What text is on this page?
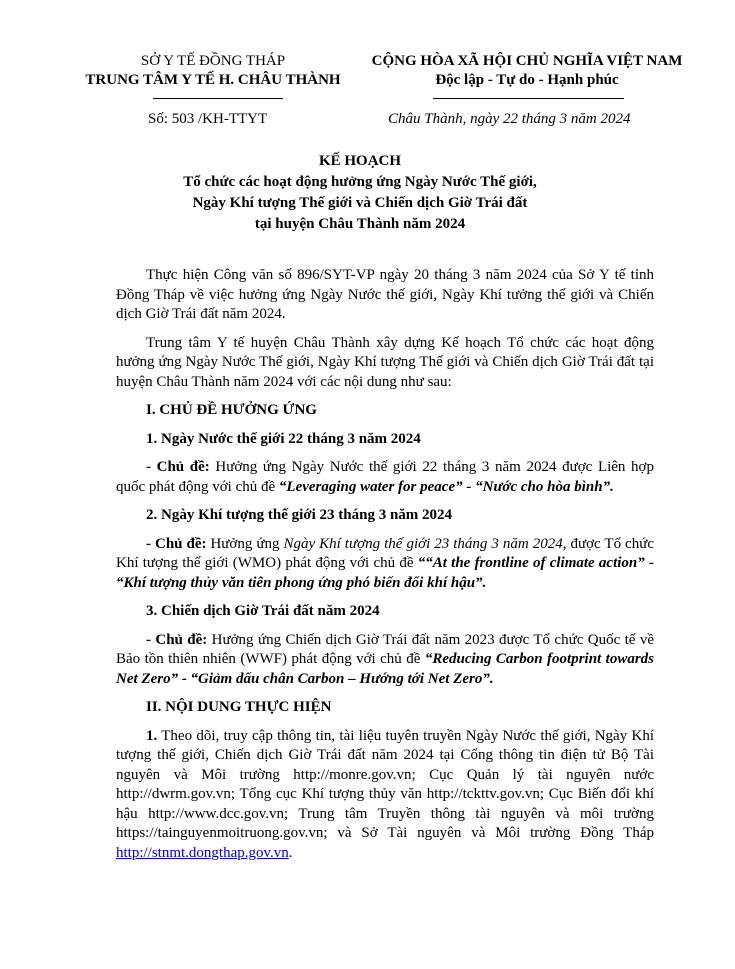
SỞ Y TẾ ĐỒNG THÁP
TRUNG TÂM Y TẾ H. CHÂU THÀNH
CỘNG HÒA XÃ HỘI CHỦ NGHĨA VIỆT NAM
Độc lập - Tự do - Hạnh phúc
Số: 503 /KH-TTYT	Châu Thành, ngày 22 tháng 3 năm 2024
KẾ HOẠCH
Tổ chức các hoạt động hưởng ứng Ngày Nước Thế giới,
Ngày Khí tượng Thế giới và Chiến dịch Giờ Trái đất
tại huyện Châu Thành năm 2024

Thực hiện Công văn số 896/SYT-VP ngày 20 tháng 3 năm 2024 của Sở Y tế tỉnh Đồng Tháp về việc hưởng ứng Ngày Nước thế giới, Ngày Khí tưởng thế giới và Chiến dịch Giờ Trái đất năm 2024.

Trung tâm Y tế huyện Châu Thành xây dựng Kế hoạch Tổ chức các hoạt động hưởng ứng Ngày Nước Thế giới, Ngày Khí tượng Thế giới và Chiến dịch Giờ Trái đất tại huyện Châu Thành năm 2024 với các nội dung như sau:

I. CHỦ ĐỀ HƯỞNG ỨNG
1. Ngày Nước thế giới 22 tháng 3 năm 2024

- Chủ đề: Hưởng ứng Ngày Nước thế giới 22 tháng 3 năm 2024 được Liên hợp quốc phát động với chủ đề “Leveraging water for peace” - “Nước cho hòa bình”.

2. Ngày Khí tượng thế giới 23 tháng 3 năm 2024

- Chủ đề: Hưởng ứng Ngày Khí tượng thế giới 23 tháng 3 năm 2024, được Tổ chức Khí tượng thế giới (WMO) phát động với chủ đề ““At the frontline of climate action” - “Khí tượng thủy văn tiên phong ứng phó biến đổi khí hậu”.

3. Chiến dịch Giờ Trái đất năm 2024

- Chủ đề: Hưởng ứng Chiến dịch Giờ Trái đất năm 2023 được Tổ chức Quốc tế về Bảo tồn thiên nhiên (WWF) phát động với chủ đề “Reducing Carbon footprint towards Net Zero” - “Giảm dấu chân Carbon – Hướng tới Net Zero”.

II. NỘI DUNG THỰC HIỆN

1. Theo dõi, truy cập thông tin, tài liệu tuyên truyền Ngày Nước thế giới, Ngày Khí tượng thế giới, Chiến dịch Giờ Trái đất năm 2024 tại Cổng thông tin điện tử Bộ Tài nguyên và Môi trường http://monre.gov.vn; Cục Quản lý tài nguyên nước http://dwrm.gov.vn; Tổng cục Khí tượng thủy văn http://tckttv.gov.vn; Cục Biến đổi khí hậu http://www.dcc.gov.vn; Trung tâm Truyền thông tài nguyên và môi trường https://tainguyenmoitruong.gov.vn; và Sở Tài nguyên và Môi trường Đồng Tháp http://stnmt.dongthap.gov.vn.
